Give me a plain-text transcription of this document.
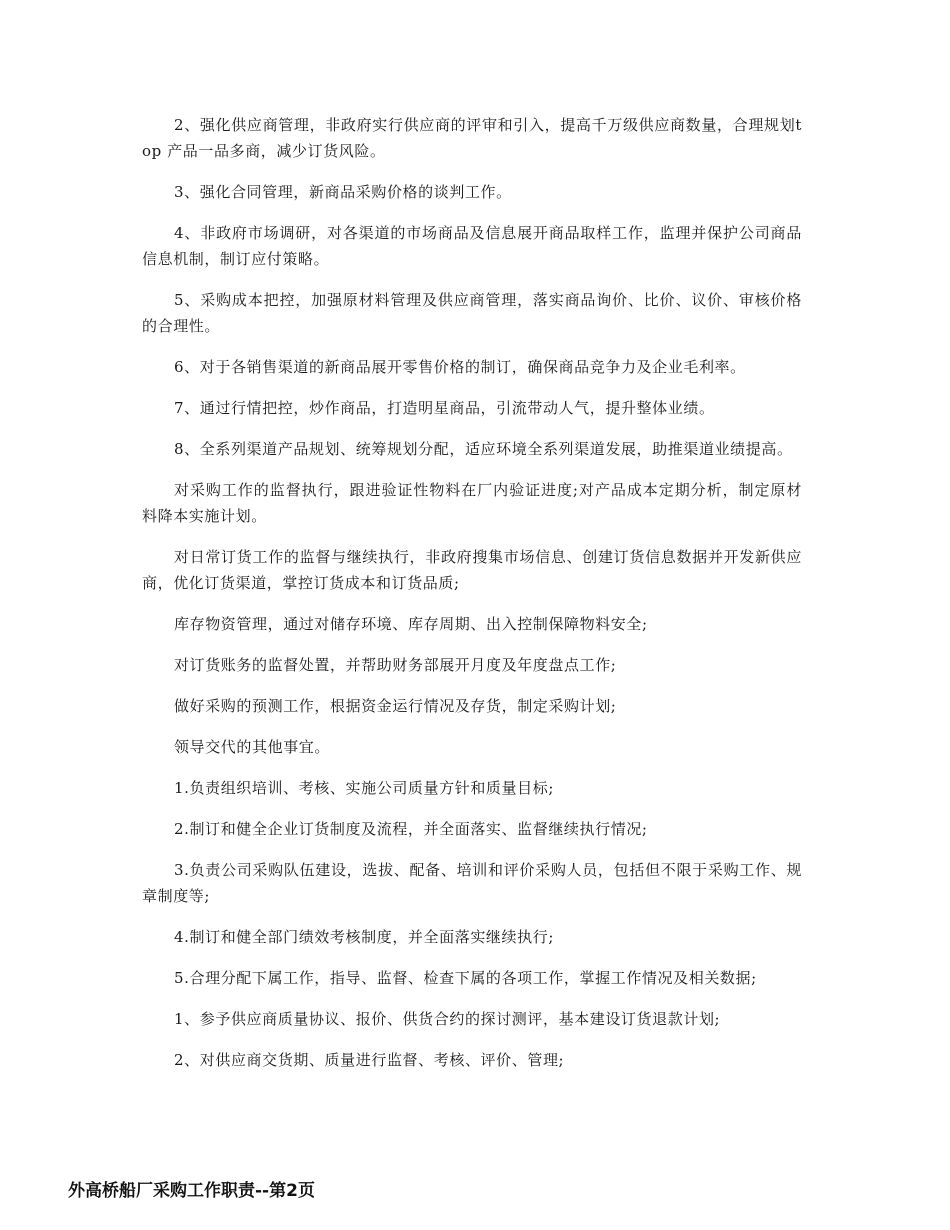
2、强化供应商管理，非政府实行供应商的评审和引入，提高千万级供应商数量，合理规划top 产品一品多商，减少订货风险。

3、强化合同管理，新商品采购价格的谈判工作。

4、非政府市场调研，对各渠道的市场商品及信息展开商品取样工作，监理并保护公司商品信息机制，制订应付策略。

5、采购成本把控，加强原材料管理及供应商管理，落实商品询价、比价、议价、审核价格的合理性。

6、对于各销售渠道的新商品展开零售价格的制订，确保商品竞争力及企业毛利率。

7、通过行情把控，炒作商品，打造明星商品，引流带动人气，提升整体业绩。

8、全系列渠道产品规划、统筹规划分配，适应环境全系列渠道发展，助推渠道业绩提高。

对采购工作的监督执行，跟进验证性物料在厂内验证进度;对产品成本定期分析，制定原材料降本实施计划。

对日常订货工作的监督与继续执行，非政府搜集市场信息、创建订货信息数据并开发新供应商，优化订货渠道，掌控订货成本和订货品质;

库存物资管理，通过对储存环境、库存周期、出入控制保障物料安全;

对订货账务的监督处置，并帮助财务部展开月度及年度盘点工作;

做好采购的预测工作，根据资金运行情况及存货，制定采购计划;

领导交代的其他事宜。

1.负责组织培训、考核、实施公司质量方针和质量目标;

2.制订和健全企业订货制度及流程，并全面落实、监督继续执行情况;

3.负责公司采购队伍建设，选拔、配备、培训和评价采购人员，包括但不限于采购工作、规章制度等;

4.制订和健全部门绩效考核制度，并全面落实继续执行;

5.合理分配下属工作，指导、监督、检查下属的各项工作，掌握工作情况及相关数据;

1、参予供应商质量协议、报价、供货合约的探讨测评，基本建设订货退款计划;

2、对供应商交货期、质量进行监督、考核、评价、管理;

外高桥船厂采购工作职责--第2页
